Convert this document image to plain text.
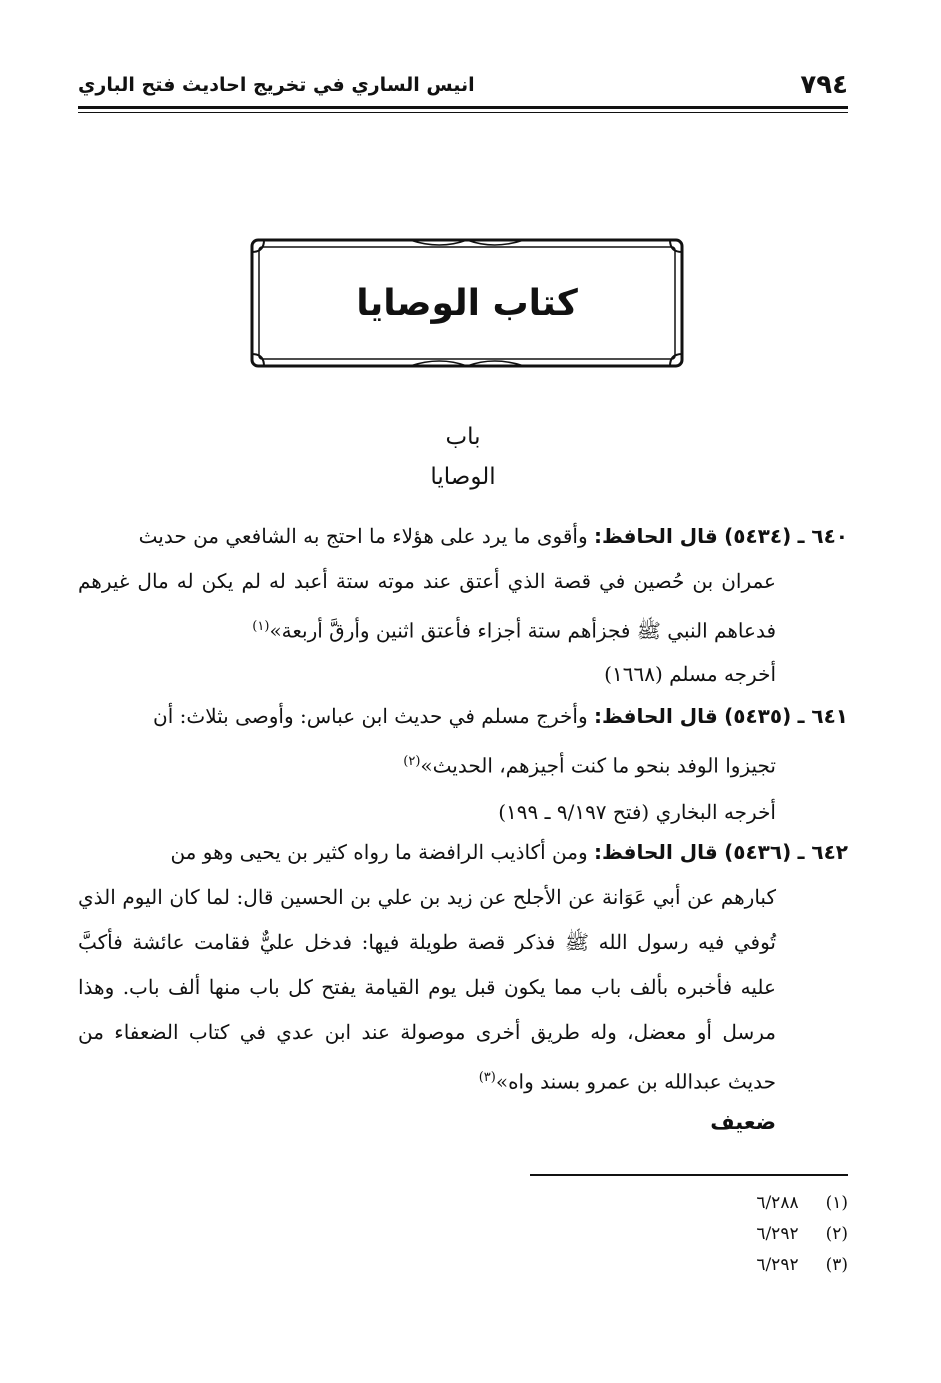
٧٩٤
انيس الساري في تخريج احاديث فتح الباري
كتاب الوصايا
باب
الوصايا

٦٤٠ ـ (٥٤٣٤) قال الحافظ: وأقوى ما يرد على هؤلاء ما احتج به الشافعي من حديث

عمران بن حُصين في قصة الذي أعتق عند موته ستة أعبد له لم يكن له مال غيرهم فدعاهم النبي ﷺ فجزأهم ستة أجزاء فأعتق اثنين وأرقَّ أربعة»$^{(١)}$

أخرجه مسلم (١٦٦٨)

٦٤١ ـ (٥٤٣٥) قال الحافظ: وأخرج مسلم في حديث ابن عباس: وأوصى بثلاث: أن

تجيزوا الوفد بنحو ما كنت أجيزهم، الحديث»$^{(٢)}$

أخرجه البخاري (فتح ٩/١٩٧ ـ ١٩٩)

٦٤٢ ـ (٥٤٣٦) قال الحافظ: ومن أكاذيب الرافضة ما رواه كثير بن يحيى وهو من

كبارهم عن أبي عَوَانة عن الأجلح عن زيد بن علي بن الحسين قال: لما كان اليوم الذي تُوفي فيه رسول الله ﷺ فذكر قصة طويلة فيها: فدخل عليٌّ فقامت عائشة فأكبَّ عليه فأخبره بألف باب مما يكون قبل يوم القيامة يفتح كل باب منها ألف باب. وهذا مرسل أو معضل، وله طريق أخرى موصولة عند ابن عدي في كتاب الضعفاء من حديث عبدالله بن عمرو بسند واه»$^{(٣)}$

ضعيف
(١) ٦/٢٨٨
(٢) ٦/٢٩٢
(٣) ٦/٢٩٢
